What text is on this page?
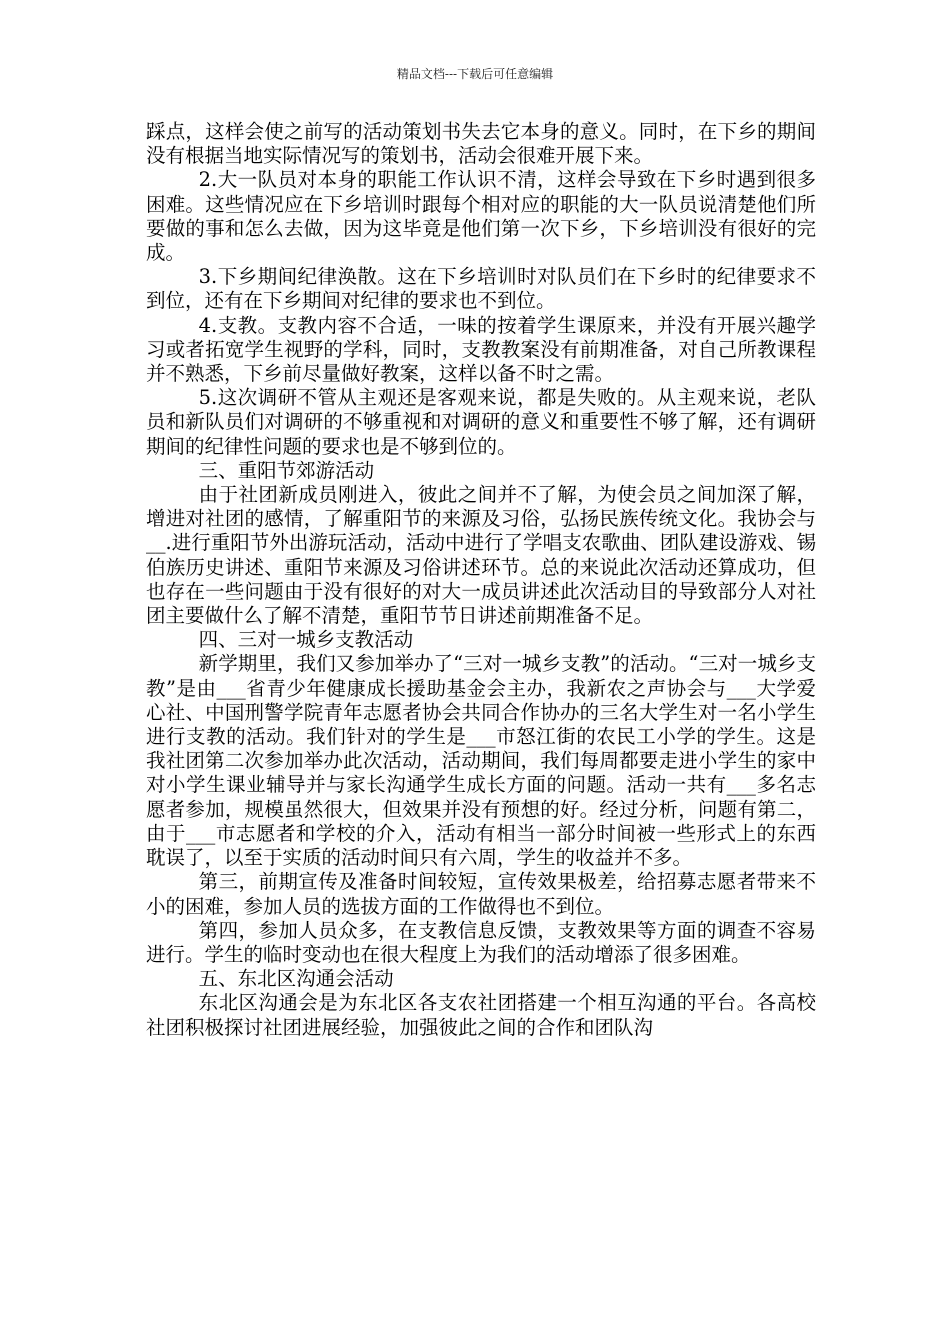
精品文档---下载后可任意编辑

踩点，这样会使之前写的活动策划书失去它本身的意义。同时，在下乡的期间没有根据当地实际情况写的策划书，活动会很难开展下来。

2.大一队员对本身的职能工作认识不清，这样会导致在下乡时遇到很多困难。这些情况应在下乡培训时跟每个相对应的职能的大一队员说清楚他们所要做的事和怎么去做，因为这毕竟是他们第一次下乡，下乡培训没有很好的完成。

3.下乡期间纪律涣散。这在下乡培训时对队员们在下乡时的纪律要求不到位，还有在下乡期间对纪律的要求也不到位。

4.支教。支教内容不合适，一味的按着学生课原来，并没有开展兴趣学习或者拓宽学生视野的学科，同时，支教教案没有前期准备，对自己所教课程并不熟悉，下乡前尽量做好教案，这样以备不时之需。

5.这次调研不管从主观还是客观来说，都是失败的。从主观来说，老队员和新队员们对调研的不够重视和对调研的意义和重要性不够了解，还有调研期间的纪律性问题的要求也是不够到位的。

三、重阳节郊游活动

由于社团新成员刚进入，彼此之间并不了解，为使会员之间加深了解，增进对社团的感情，了解重阳节的来源及习俗，弘扬民族传统文化。我协会与__.进行重阳节外出游玩活动，活动中进行了学唱支农歌曲、团队建设游戏、锡伯族历史讲述、重阳节来源及习俗讲述环节。总的来说此次活动还算成功，但也存在一些问题由于没有很好的对大一成员讲述此次活动目的导致部分人对社团主要做什么了解不清楚，重阳节节日讲述前期准备不足。

四、三对一城乡支教活动

新学期里，我们又参加举办了“三对一城乡支教”的活动。“三对一城乡支教”是由___省青少年健康成长援助基金会主办，我新农之声协会与___大学爱心社、中国刑警学院青年志愿者协会共同合作协办的三名大学生对一名小学生进行支教的活动。我们针对的学生是___市怒江街的农民工小学的学生。这是我社团第二次参加举办此次活动，活动期间，我们每周都要走进小学生的家中对小学生课业辅导并与家长沟通学生成长方面的问题。活动一共有___多名志愿者参加，规模虽然很大，但效果并没有预想的好。经过分析，问题有第二，由于___市志愿者和学校的介入，活动有相当一部分时间被一些形式上的东西耽误了，以至于实质的活动时间只有六周，学生的收益并不多。

第三，前期宣传及准备时间较短，宣传效果极差，给招募志愿者带来不小的困难，参加人员的选拔方面的工作做得也不到位。

第四，参加人员众多，在支教信息反馈，支教效果等方面的调查不容易进行。学生的临时变动也在很大程度上为我们的活动增添了很多困难。

五、东北区沟通会活动

东北区沟通会是为东北区各支农社团搭建一个相互沟通的平台。各高校社团积极探讨社团进展经验，加强彼此之间的合作和团队沟
